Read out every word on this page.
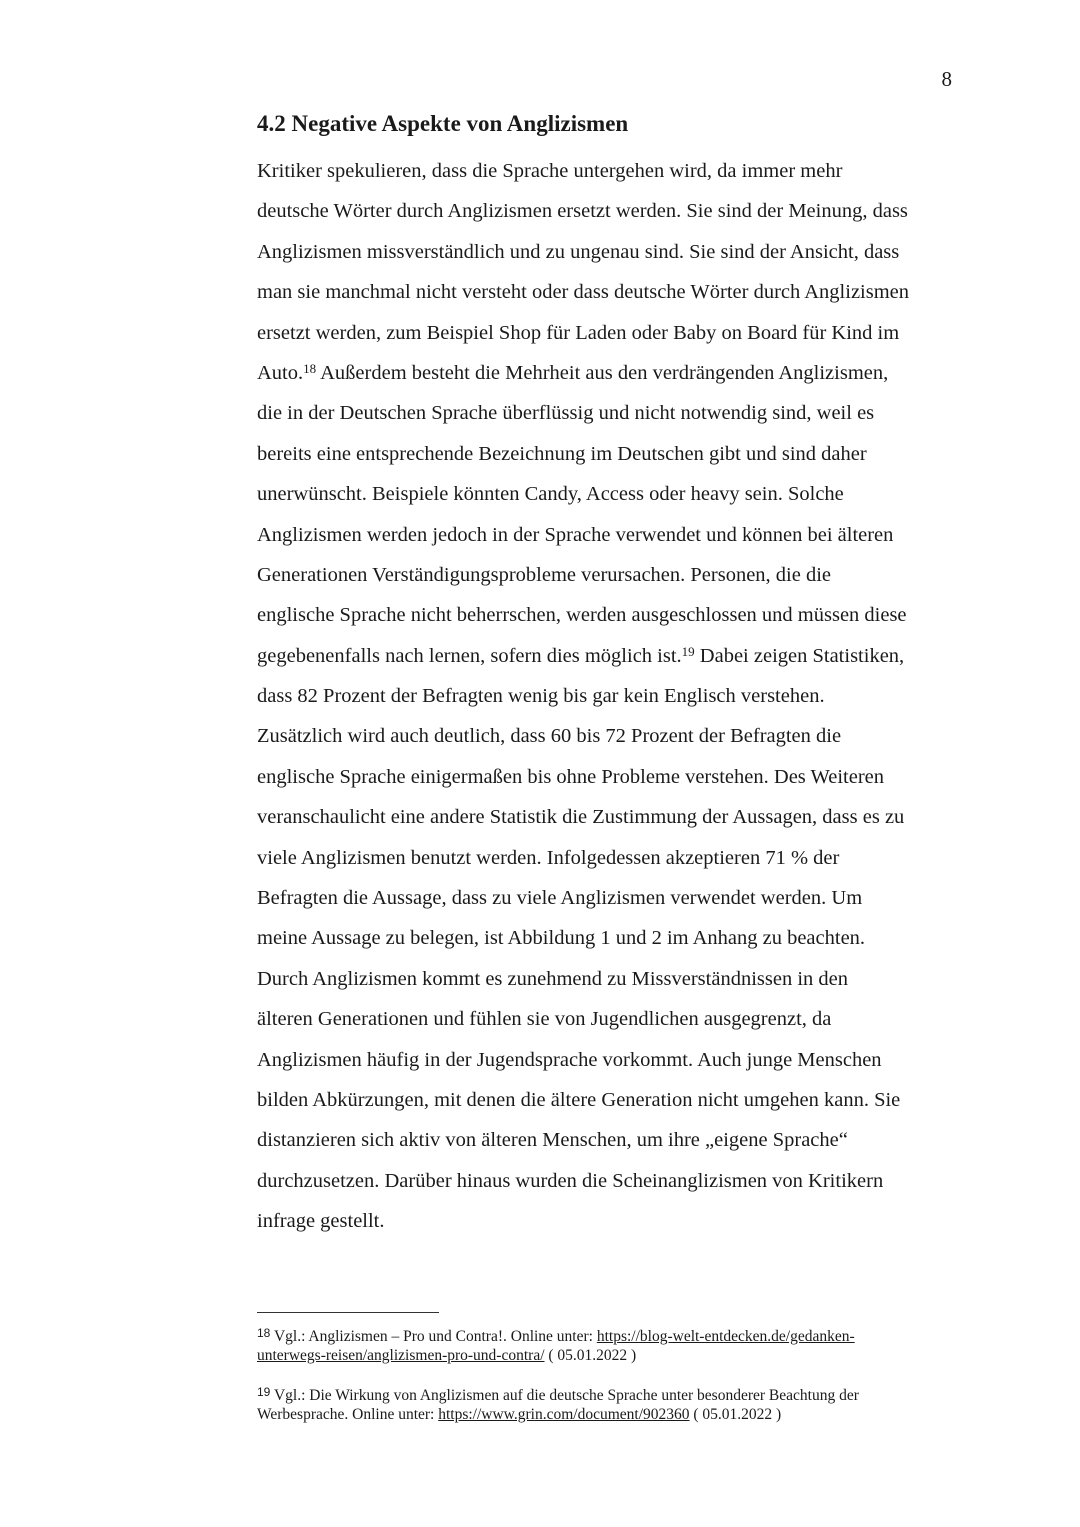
8
4.2 Negative Aspekte von Anglizismen
Kritiker spekulieren, dass die Sprache untergehen wird, da immer mehr
deutsche Wörter durch Anglizismen ersetzt werden. Sie sind der Meinung, dass
Anglizismen missverständlich und zu ungenau sind. Sie sind der Ansicht, dass
man sie manchmal nicht versteht oder dass deutsche Wörter durch Anglizismen
ersetzt werden, zum Beispiel Shop für Laden oder Baby on Board für Kind im
Auto.$^{18}$ Außerdem besteht die Mehrheit aus den verdrängenden Anglizismen,
die in der Deutschen Sprache überflüssig und nicht notwendig sind, weil es
bereits eine entsprechende Bezeichnung im Deutschen gibt und sind daher
unerwünscht. Beispiele könnten Candy, Access oder heavy sein. Solche
Anglizismen werden jedoch in der Sprache verwendet und können bei älteren
Generationen Verständigungsprobleme verursachen. Personen, die die
englische Sprache nicht beherrschen, werden ausgeschlossen und müssen diese
gegebenenfalls nach lernen, sofern dies möglich ist.$^{19}$ Dabei zeigen Statistiken,
dass 82 Prozent der Befragten wenig bis gar kein Englisch verstehen.
Zusätzlich wird auch deutlich, dass 60 bis 72 Prozent der Befragten die
englische Sprache einigermaßen bis ohne Probleme verstehen. Des Weiteren
veranschaulicht eine andere Statistik die Zustimmung der Aussagen, dass es zu
viele Anglizismen benutzt werden. Infolgedessen akzeptieren 71 % der
Befragten die Aussage, dass zu viele Anglizismen verwendet werden. Um
meine Aussage zu belegen, ist Abbildung 1 und 2 im Anhang zu beachten.
Durch Anglizismen kommt es zunehmend zu Missverständnissen in den
älteren Generationen und fühlen sie von Jugendlichen ausgegrenzt, da
Anglizismen häufig in der Jugendsprache vorkommt. Auch junge Menschen
bilden Abkürzungen, mit denen die ältere Generation nicht umgehen kann. Sie
distanzieren sich aktiv von älteren Menschen, um ihre „eigene Sprache“
durchzusetzen. Darüber hinaus wurden die Scheinanglizismen von Kritikern
infrage gestellt.
$^{18}$ Vgl.: Anglizismen – Pro und Contra!. Online unter: https://blog-welt-entdecken.de/gedanken-
unterwegs-reisen/anglizismen-pro-und-contra/ ( 05.01.2022 )
$^{19}$ Vgl.: Die Wirkung von Anglizismen auf die deutsche Sprache unter besonderer Beachtung der
Werbesprache. Online unter: https://www.grin.com/document/902360 ( 05.01.2022 )
